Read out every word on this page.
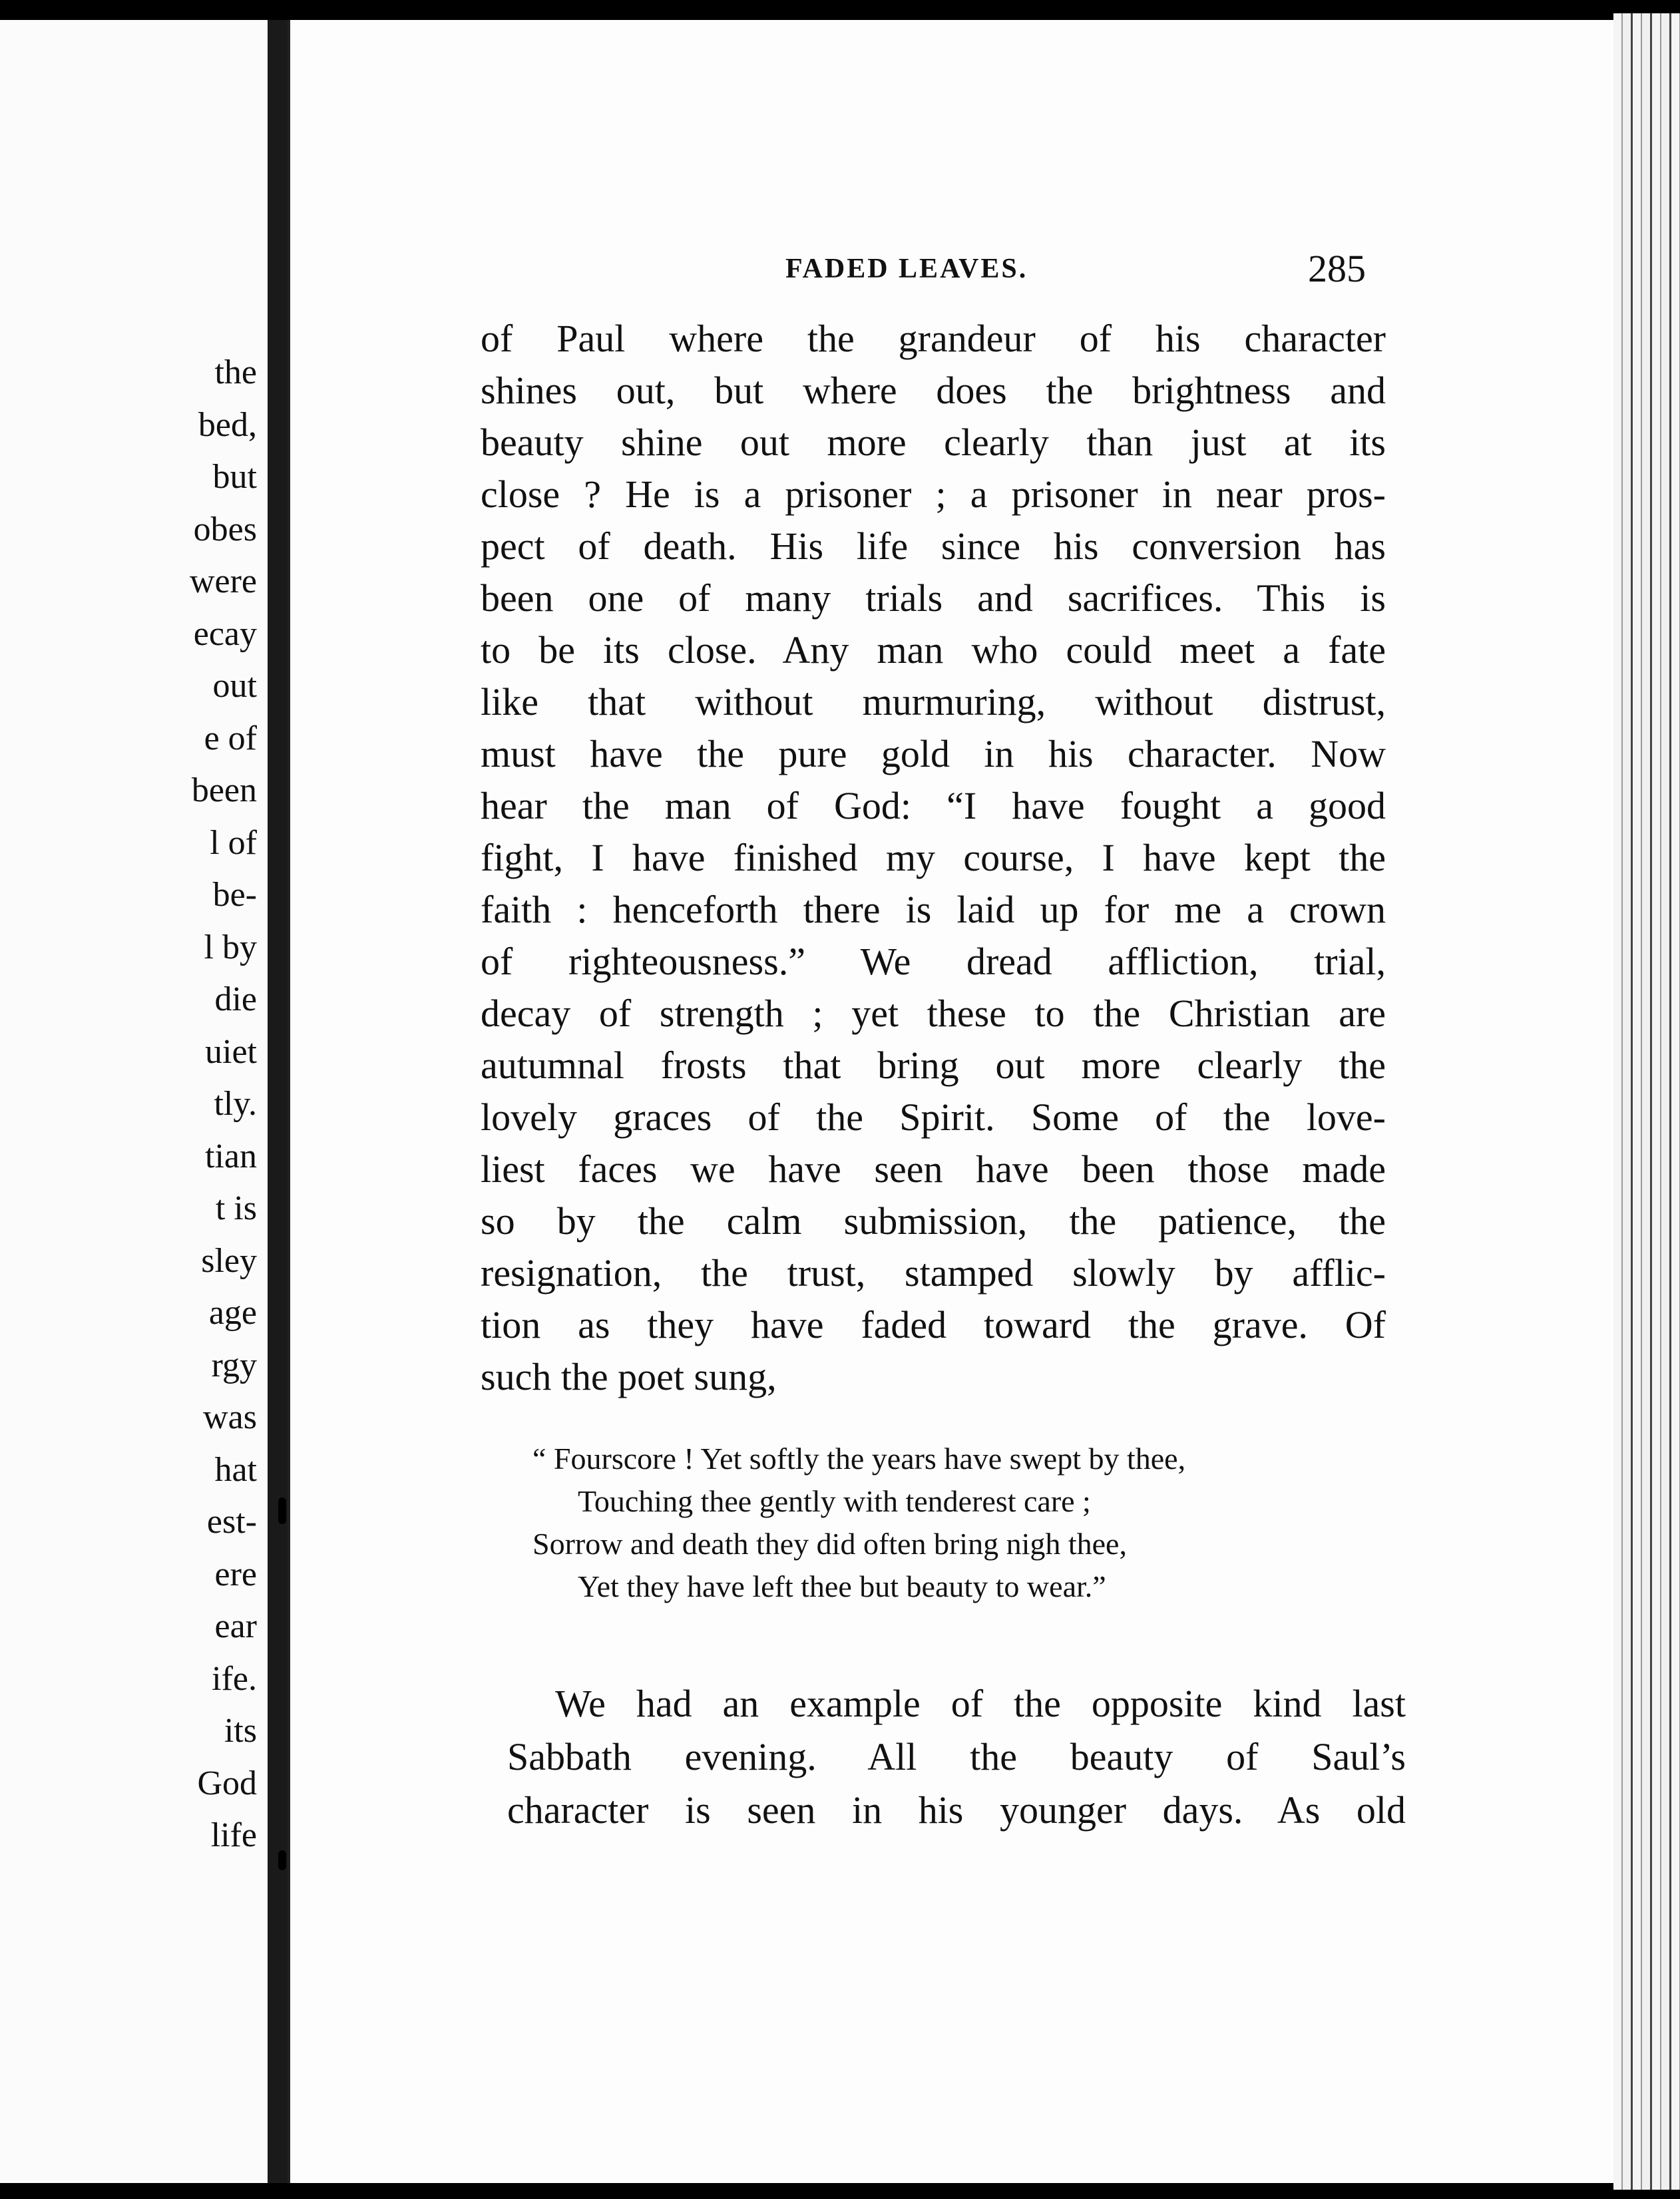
the
bed,
but
obes
were
ecay
out
e of
been
l of
be-
l by
die
uiet
tly.
tian
t is
sley
age
rgy
was
hat
est-
ere
ear
ife.
its
God
life
FADED LEAVES.	285
of Paul where the grandeur of his character
shines out, but where does the brightness and
beauty shine out more clearly than just at its
close ? He is a prisoner ; a prisoner in near pros-
pect of death. His life since his conversion has
been one of many trials and sacrifices. This is
to be its close. Any man who could meet a fate
like that without murmuring, without distrust,
must have the pure gold in his character. Now
hear the man of God: “I have fought a good
fight, I have finished my course, I have kept the
faith : henceforth there is laid up for me a crown
of righteousness.” We dread affliction, trial,
decay of strength ; yet these to the Christian are
autumnal frosts that bring out more clearly the
lovely graces of the Spirit. Some of the love-
liest faces we have seen have been those made
so by the calm submission, the patience, the
resignation, the trust, stamped slowly by afflic-
tion as they have faded toward the grave. Of
such the poet sung,
“ Fourscore ! Yet softly the years have swept by thee,
Touching thee gently with tenderest care ;
Sorrow and death they did often bring nigh thee,
Yet they have left thee but beauty to wear.”
We had an example of the opposite kind last
Sabbath evening. All the beauty of Saul’s
character is seen in his younger days. As old
